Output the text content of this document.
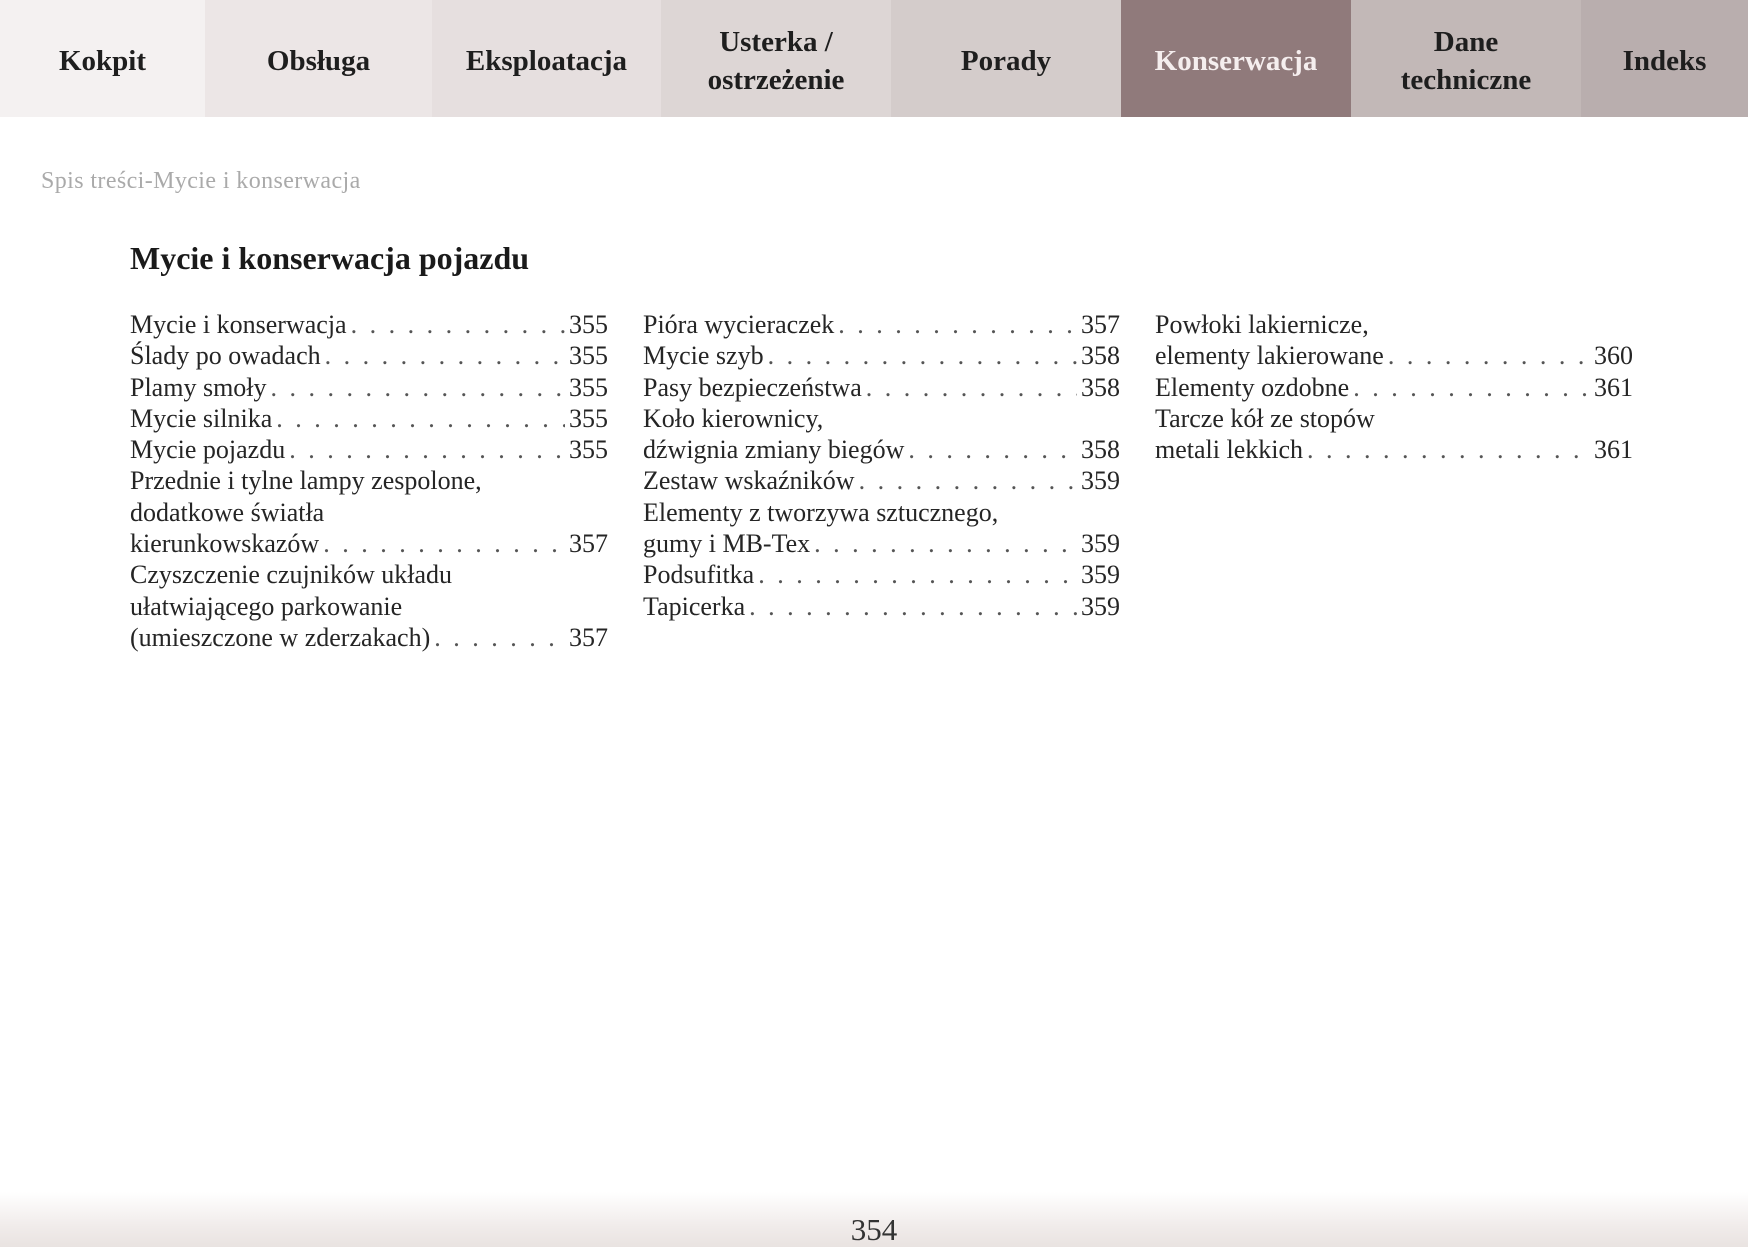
Kokpit	Obsługa	Eksploatacja
Usterka /
ostrzeżenie
Porady	Konserwacja
Dane
techniczne
Indeks
Spis treści-Mycie i konserwacja
Mycie i konserwacja pojazdu
Mycie i konserwacja . . .	355
Ślady po owadach . . .	355
Plamy smoły . . .	355
Mycie silnika . . .	355
Mycie pojazdu . . .	355
Przednie i tylne lampy zespolone,
dodatkowe światła
kierunkowskazów . . .	357
Czyszczenie czujników układu
ułatwiającego parkowanie
(umieszczone w zderzakach) . . .	357
Pióra wycieraczek . . .	357
Mycie szyb . . .	358
Pasy bezpieczeństwa . . .	358
Koło kierownicy,
dźwignia zmiany biegów . . .	358
Zestaw wskaźników . . .	359
Elementy z tworzywa sztucznego,
gumy i MB-Tex . . .	359
Podsufitka . . .	359
Tapicerka . . .	359
Powłoki lakiernicze,
elementy lakierowane . . .	360
Elementy ozdobne . . .	361
Tarcze kół ze stopów
metali lekkich . . .	361
354
